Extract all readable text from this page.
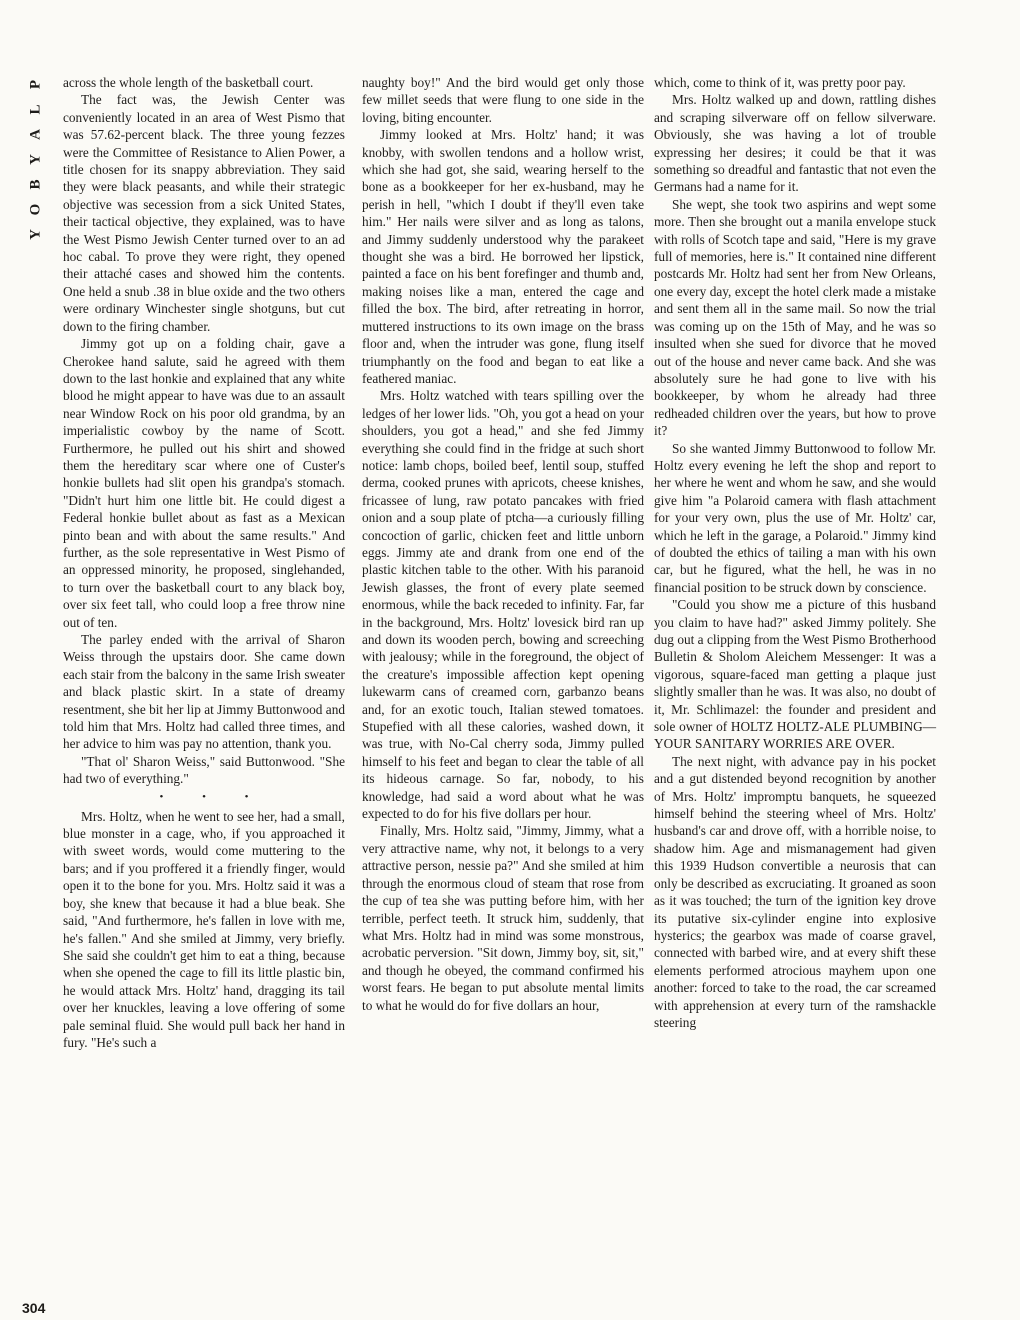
P
L
A
Y
B
O
Y
304

across the whole length of the basketball court.

The fact was, the Jewish Center was conveniently located in an area of West Pismo that was 57.62-percent black. The three young fezzes were the Committee of Resistance to Alien Power, a title chosen for its snappy abbreviation. They said they were black peasants, and while their strategic objective was secession from a sick United States, their tactical objective, they explained, was to have the West Pismo Jewish Center turned over to an ad hoc cabal. To prove they were right, they opened their attaché cases and showed him the contents. One held a snub .38 in blue oxide and the two others were ordinary Winchester single shotguns, but cut down to the firing chamber.

Jimmy got up on a folding chair, gave a Cherokee hand salute, said he agreed with them down to the last honkie and explained that any white blood he might appear to have was due to an assault near Window Rock on his poor old grandma, by an imperialistic cowboy by the name of Scott. Furthermore, he pulled out his shirt and showed them the hereditary scar where one of Custer's honkie bullets had slit open his grandpa's stomach. "Didn't hurt him one little bit. He could digest a Federal honkie bullet about as fast as a Mexican pinto bean and with about the same results." And further, as the sole representative in West Pismo of an oppressed minority, he proposed, singlehanded, to turn over the basketball court to any black boy, over six feet tall, who could loop a free throw nine out of ten.

The parley ended with the arrival of Sharon Weiss through the upstairs door. She came down each stair from the balcony in the same Irish sweater and black plastic skirt. In a state of dreamy resentment, she bit her lip at Jimmy Buttonwood and told him that Mrs. Holtz had called three times, and her advice to him was pay no attention, thank you.

"That ol' Sharon Weiss," said Buttonwood. "She had two of everything."

• • •

Mrs. Holtz, when he went to see her, had a small, blue monster in a cage, who, if you approached it with sweet words, would come muttering to the bars; and if you proffered it a friendly finger, would open it to the bone for you. Mrs. Holtz said it was a boy, she knew that because it had a blue beak. She said, "And furthermore, he's fallen in love with me, he's fallen." And she smiled at Jimmy, very briefly. She said she couldn't get him to eat a thing, because when she opened the cage to fill its little plastic bin, he would attack Mrs. Holtz' hand, dragging its tail over her knuckles, leaving a love offering of some pale seminal fluid. She would pull back her hand in fury. "He's such a

naughty boy!" And the bird would get only those few millet seeds that were flung to one side in the loving, biting encounter.

Jimmy looked at Mrs. Holtz' hand; it was knobby, with swollen tendons and a hollow wrist, which she had got, she said, wearing herself to the bone as a bookkeeper for her ex-husband, may he perish in hell, "which I doubt if they'll even take him." Her nails were silver and as long as talons, and Jimmy suddenly understood why the parakeet thought she was a bird. He borrowed her lipstick, painted a face on his bent forefinger and thumb and, making noises like a man, entered the cage and filled the box. The bird, after retreating in horror, muttered instructions to its own image on the brass floor and, when the intruder was gone, flung itself triumphantly on the food and began to eat like a feathered maniac.

Mrs. Holtz watched with tears spilling over the ledges of her lower lids. "Oh, you got a head on your shoulders, you got a head," and she fed Jimmy everything she could find in the fridge at such short notice: lamb chops, boiled beef, lentil soup, stuffed derma, cooked prunes with apricots, cheese knishes, fricassee of lung, raw potato pancakes with fried onion and a soup plate of ptcha—a curiously filling concoction of garlic, chicken feet and little unborn eggs. Jimmy ate and drank from one end of the plastic kitchen table to the other. With his paranoid Jewish glasses, the front of every plate seemed enormous, while the back receded to infinity. Far, far in the background, Mrs. Holtz' lovesick bird ran up and down its wooden perch, bowing and screeching with jealousy; while in the foreground, the object of the creature's impossible affection kept opening lukewarm cans of creamed corn, garbanzo beans and, for an exotic touch, Italian stewed tomatoes. Stupefied with all these calories, washed down, it was true, with No-Cal cherry soda, Jimmy pulled himself to his feet and began to clear the table of all its hideous carnage. So far, nobody, to his knowledge, had said a word about what he was expected to do for his five dollars per hour.

Finally, Mrs. Holtz said, "Jimmy, Jimmy, what a very attractive name, why not, it belongs to a very attractive person, nessie pa?" And she smiled at him through the enormous cloud of steam that rose from the cup of tea she was putting before him, with her terrible, perfect teeth. It struck him, suddenly, that what Mrs. Holtz had in mind was some monstrous, acrobatic perversion. "Sit down, Jimmy boy, sit, sit," and though he obeyed, the command confirmed his worst fears. He began to put absolute mental limits to what he would do for five dollars an hour,

which, come to think of it, was pretty poor pay.

Mrs. Holtz walked up and down, rattling dishes and scraping silverware off on fellow silverware. Obviously, she was having a lot of trouble expressing her desires; it could be that it was something so dreadful and fantastic that not even the Germans had a name for it.

She wept, she took two aspirins and wept some more. Then she brought out a manila envelope stuck with rolls of Scotch tape and said, "Here is my grave full of memories, here is." It contained nine different postcards Mr. Holtz had sent her from New Orleans, one every day, except the hotel clerk made a mistake and sent them all in the same mail. So now the trial was coming up on the 15th of May, and he was so insulted when she sued for divorce that he moved out of the house and never came back. And she was absolutely sure he had gone to live with his bookkeeper, by whom he already had three redheaded children over the years, but how to prove it?

So she wanted Jimmy Buttonwood to follow Mr. Holtz every evening he left the shop and report to her where he went and whom he saw, and she would give him "a Polaroid camera with flash attachment for your very own, plus the use of Mr. Holtz' car, which he left in the garage, a Polaroid." Jimmy kind of doubted the ethics of tailing a man with his own car, but he figured, what the hell, he was in no financial position to be struck down by conscience.

"Could you show me a picture of this husband you claim to have had?" asked Jimmy politely. She dug out a clipping from the West Pismo Brotherhood Bulletin & Sholom Aleichem Messenger: It was a vigorous, square-faced man getting a plaque just slightly smaller than he was. It was also, no doubt of it, Mr. Schlimazel: the founder and president and sole owner of HOLTZ HOLTZ-ALE PLUMBING—YOUR SANITARY WORRIES ARE OVER.

The next night, with advance pay in his pocket and a gut distended beyond recognition by another of Mrs. Holtz' impromptu banquets, he squeezed himself behind the steering wheel of Mrs. Holtz' husband's car and drove off, with a horrible noise, to shadow him. Age and mismanagement had given this 1939 Hudson convertible a neurosis that can only be described as excruciating. It groaned as soon as it was touched; the turn of the ignition key drove its putative six-cylinder engine into explosive hysterics; the gearbox was made of coarse gravel, connected with barbed wire, and at every shift these elements performed atrocious mayhem upon one another: forced to take to the road, the car screamed with apprehension at every turn of the ramshackle steering
